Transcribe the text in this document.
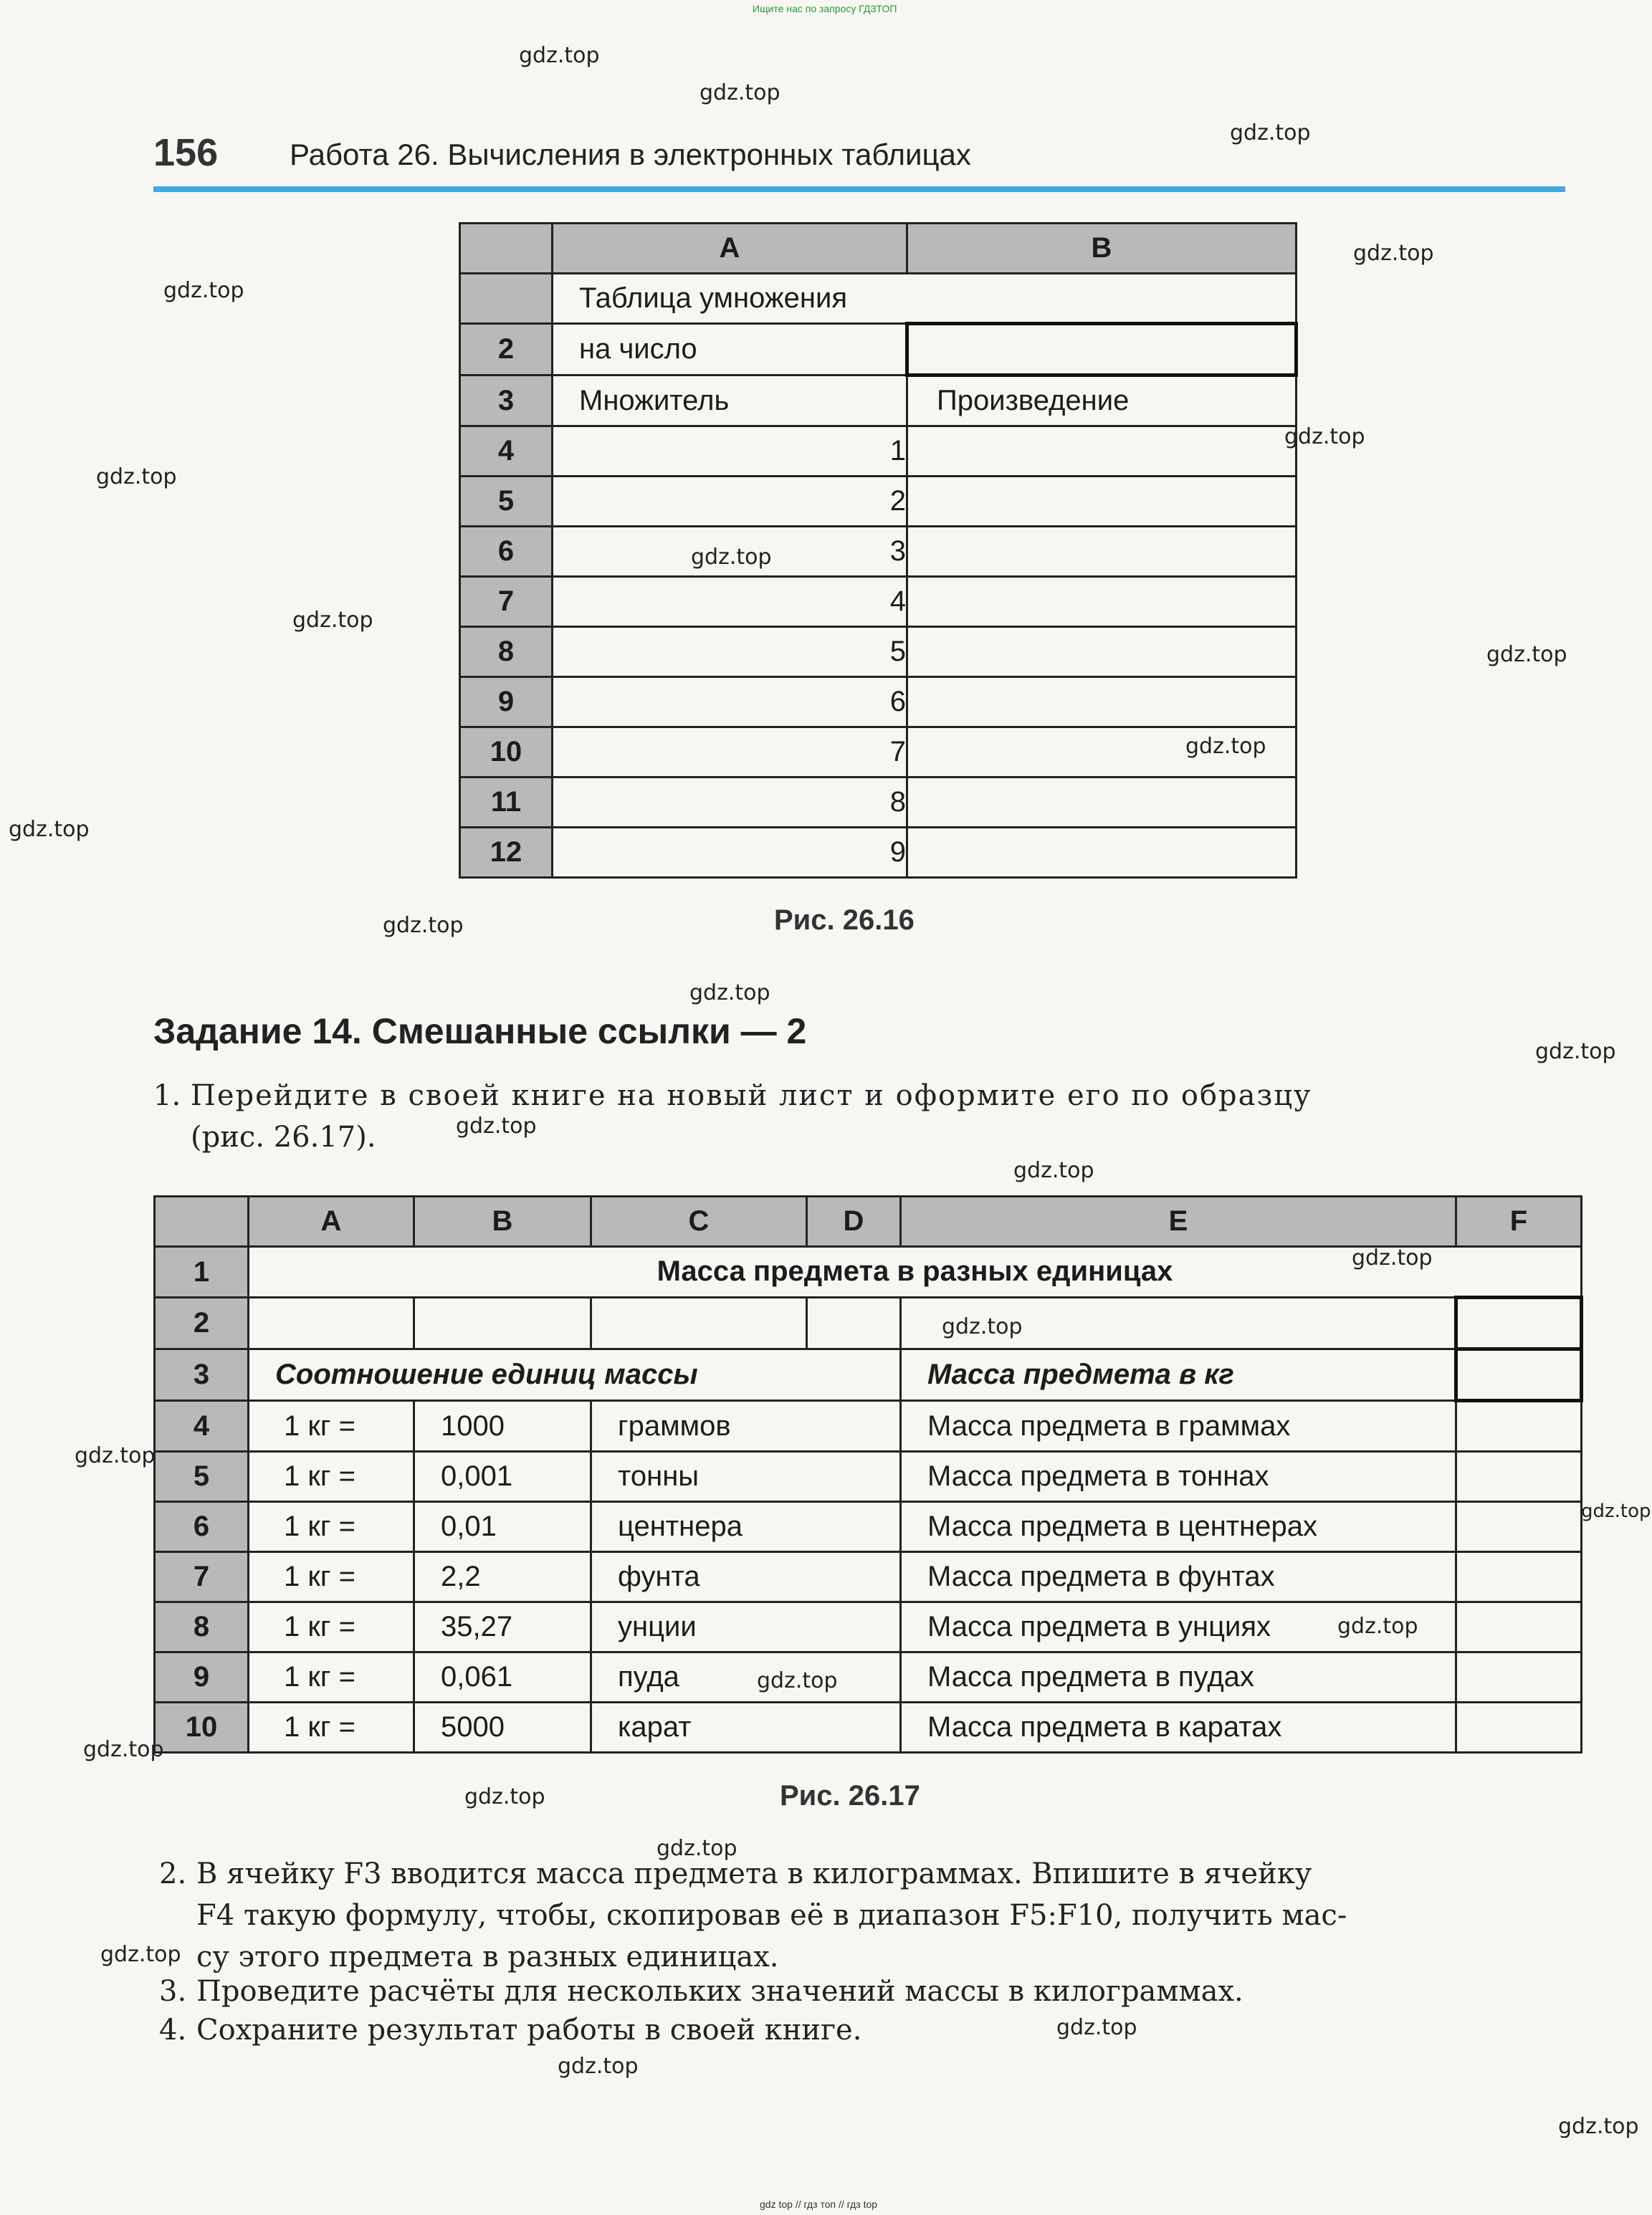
Ищите нас по запросу ГДЗТОП
156 Работа 26. Вычисления в электронных таблицах
	A	B
	Таблица умножения	
2	на число	
3	Множитель	Произведение
4	1	
5	2	
6	3	
7	4	
8	5	
9	6	
10	7	
11	8	
12	9	
Рис. 26.16
Задание 14. Смешанные ссылки — 2
1. Перейдите в своей книге на новый лист и оформите его по образцу
(рис. 26.17).
	A	B	C	D	E	F
1	Масса предмета в разных единицах					
2						
3	Соотношение единиц массы				Масса предмета в кг	
4	1 кг =	1000	граммов		Масса предмета в граммах	
5	1 кг =	0,001	тонны		Масса предмета в тоннах	
6	1 кг =	0,01	центнера		Масса предмета в центнерах	
7	1 кг =	2,2	фунта		Масса предмета в фунтах	
8	1 кг =	35,27	унции		Масса предмета в унциях	
9	1 кг =	0,061	пуда		Масса предмета в пудах	
10	1 кг =	5000	карат		Масса предмета в каратах	
Рис. 26.17
2. В ячейку F3 вводится масса предмета в килограммах. Впишите в ячейку
F4 такую формулу, чтобы, скопировав её в диапазон F5:F10, получить мас-
су этого предмета в разных единицах.
3. Проведите расчёты для нескольких значений массы в килограммах.
4. Сохраните результат работы в своей книге.
gdz.top
gdz.top
gdz.top
gdz.top
gdz.top
gdz.top
gdz.top
gdz.top
gdz.top
gdz.top
gdz.top
gdz.top
gdz.top
gdz.top
gdz.top
gdz.top
gdz.top
gdz.top
gdz.top
gdz.top
gdz.top
gdz.top
gdz.top
gdz.top
gdz.top
gdz.top
gdz.top
gdz.top
gdz.top
gdz.top
gdz top // гдз топ // гдз top
